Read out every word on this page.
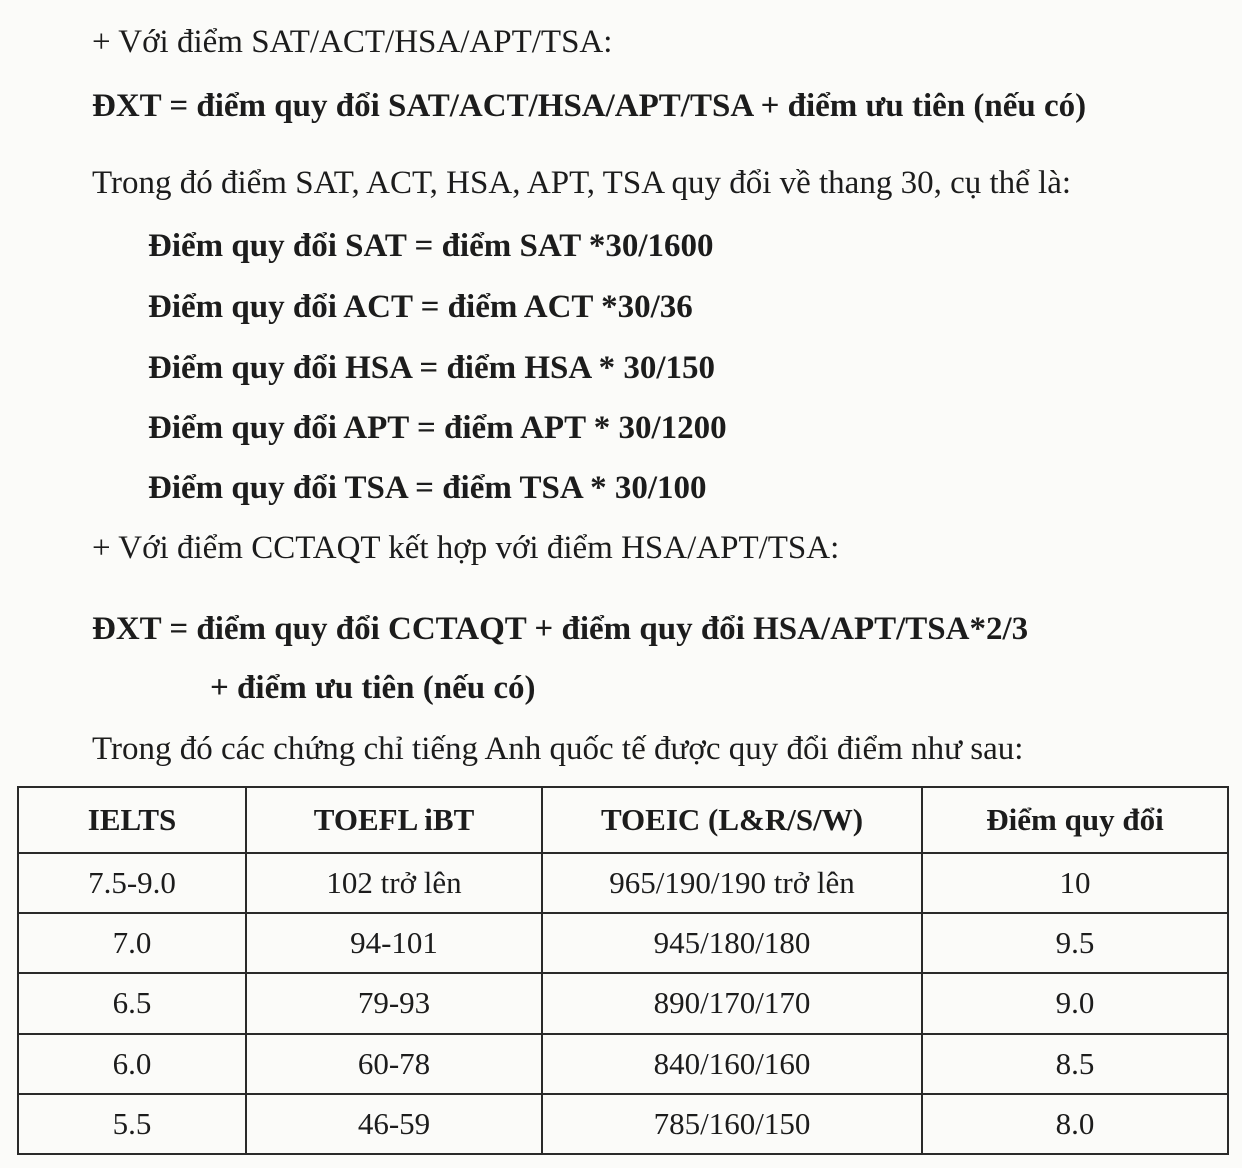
+ Với điểm SAT/ACT/HSA/APT/TSA:
ĐXT = điểm quy đổi SAT/ACT/HSA/APT/TSA + điểm ưu tiên (nếu có)
Trong đó điểm SAT, ACT, HSA, APT, TSA quy đổi về thang 30, cụ thể là:
Điểm quy đổi SAT = điểm SAT *30/1600
Điểm quy đổi ACT = điểm ACT *30/36
Điểm quy đổi HSA = điểm HSA * 30/150
Điểm quy đổi APT = điểm APT * 30/1200
Điểm quy đổi TSA = điểm TSA * 30/100
+ Với điểm CCTAQT kết hợp với điểm HSA/APT/TSA:
ĐXT = điểm quy đổi CCTAQT + điểm quy đổi HSA/APT/TSA*2/3
+ điểm ưu tiên (nếu có)
Trong đó các chứng chỉ tiếng Anh quốc tế được quy đổi điểm như sau:
IELTS	TOEFL iBT	TOEIC (L&R/S/W)	Điểm quy đổi
7.5-9.0	102 trở lên	965/190/190 trở lên	10
7.0	94-101	945/180/180	9.5
6.5	79-93	890/170/170	9.0
6.0	60-78	840/160/160	8.5
5.5	46-59	785/160/150	8.0
